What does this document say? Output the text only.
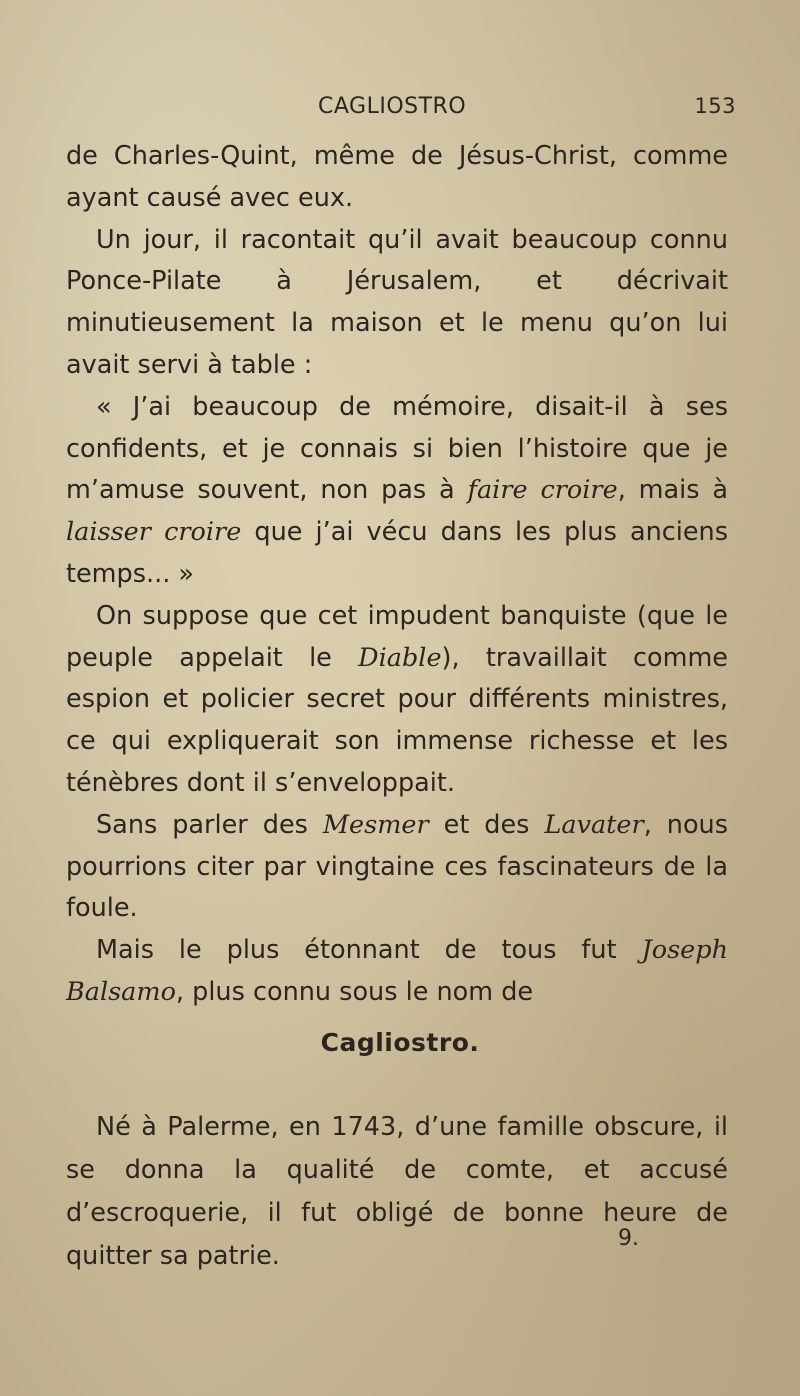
CAGLIOSTRO	153

de Charles-Quint, même de Jésus-Christ, comme ayant causé avec eux.

Un jour, il racontait qu’il avait beaucoup connu Ponce-Pilate à Jérusalem, et décrivait minutieusement la maison et le menu qu’on lui avait servi à table :

« J’ai beaucoup de mémoire, disait-il à ses confidents, et je connais si bien l’histoire que je m’amuse souvent, non pas à faire croire, mais à laisser croire que j’ai vécu dans les plus anciens temps... »

On suppose que cet impudent banquiste (que le peuple appelait le Diable), travaillait comme espion et policier secret pour différents ministres, ce qui expliquerait son immense richesse et les ténèbres dont il s’enveloppait.

Sans parler des Mesmer et des Lavater, nous pourrions citer par vingtaine ces fascinateurs de la foule.

Mais le plus étonnant de tous fut Joseph Balsamo, plus connu sous le nom de

Cagliostro.

Né à Palerme, en 1743, d’une famille obscure, il se donna la qualité de comte, et accusé d’escroquerie, il fut obligé de bonne heure de quitter sa patrie.

9.
